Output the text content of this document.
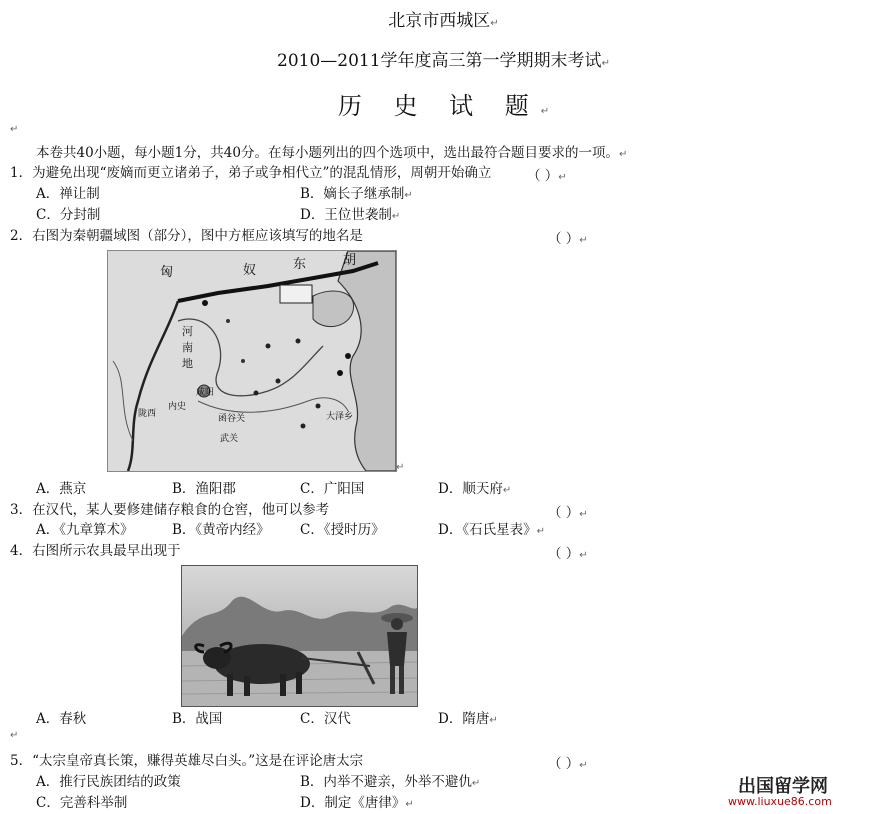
北京市西城区↵
2010—2011学年度高三第一学期期末考试↵
历 史 试 题↵
↵
本卷共40小题，每小题1分，共40分。在每小题列出的四个选项中，选出最符合题目要求的一项。↵
1．为避免出现“废嫡而更立诸弟子，弟子或争相代立”的混乱情形，周朝开始确立	（ ）↵
A．禅让制	B．嫡长子继承制↵
C．分封制	D．王位世袭制↵
2．右图为秦朝疆域图（部分），图中方框应该填写的地名是	（ ）↵
匈	奴	东	胡
河
南
地
咸阳
内史
函谷关
武关
大泽乡
陇西
↵
A．燕京	B．渔阳郡	C．广阳国	D．顺天府↵
3．在汉代，某人要修建储存粮食的仓窖，他可以参考	（ ）↵
A．《九章算术》	B．《黄帝内经》 C．《授时历》	D．《石氏星表》↵
4．右图所示农具最早出现于	（ ）↵
A．春秋	B．战国	C．汉代	D．隋唐↵
↵
5．“太宗皇帝真长策，赚得英雄尽白头。”这是在评论唐太宗	（ ）↵
A．推行民族团结的政策	B．内举不避亲，外举不避仇↵
C．完善科举制	D．制定《唐律》↵
出国留学网
www.liuxue86.com
